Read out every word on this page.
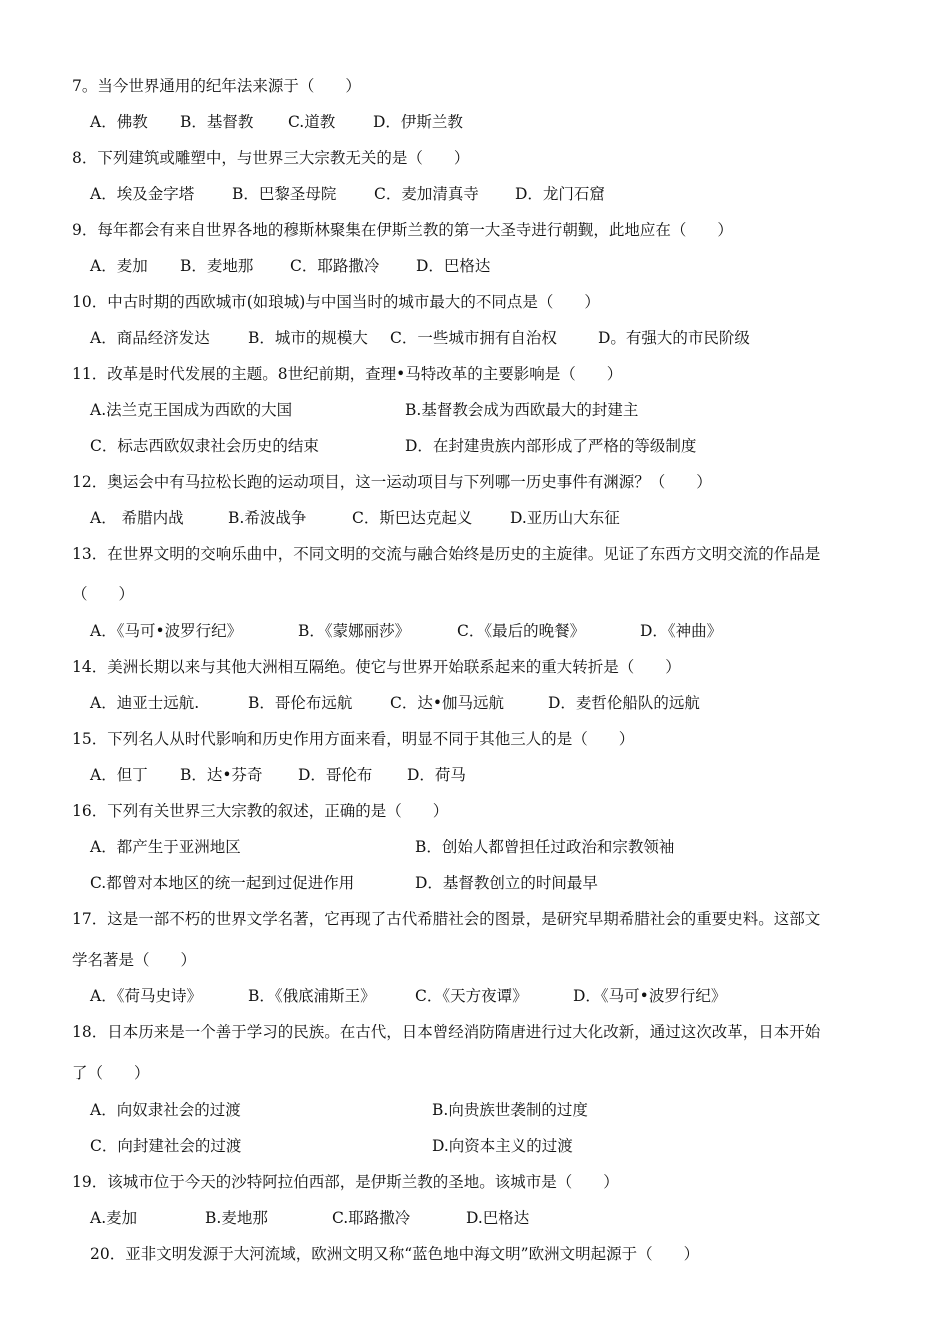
7。当今世界通用的纪年法来源于（　　）
A．佛教 B．基督教 C.道教 D．伊斯兰教
8．下列建筑或雕塑中，与世界三大宗教无关的是（　　）
A．埃及金字塔 B．巴黎圣母院 C．麦加清真寺 D．龙门石窟
9．每年都会有来自世界各地的穆斯林聚集在伊斯兰教的第一大圣寺进行朝觐，此地应在（　　）
A．麦加 B．麦地那 C．耶路撒冷 D．巴格达
10．中古时期的西欧城市(如琅城)与中国当时的城市最大的不同点是（　　）
A．商品经济发达 B．城市的规模大 C．一些城市拥有自治权	D。有强大的市民阶级
11．改革是时代发展的主题。8世纪前期，查理•马特改革的主要影响是（　　）
A.法兰克王国成为西欧的大国	B.基督教会成为西欧最大的封建主
C．标志西欧奴隶社会历史的结束	D．在封建贵族内部形成了严格的等级制度
12．奥运会中有马拉松长跑的运动项目，这一运动项目与下列哪一历史事件有渊源？（　　）
A． 希腊内战	B.希波战争	C．斯巴达克起义 D.亚历山大东征
13．在世界文明的交响乐曲中，不同文明的交流与融合始终是历史的主旋律。见证了东西方文明交流的作品是
（　　）
A．《马可•波罗行纪》	B．《蒙娜丽莎》	C．《最后的晚餐》	D．《神曲》
14．美洲长期以来与其他大洲相互隔绝。使它与世界开始联系起来的重大转折是（　　）
A．迪亚士远航.	B．哥伦布远航 C．达•伽马远航	D．麦哲伦船队的远航
15．下列名人从时代影响和历史作用方面来看，明显不同于其他三人的是（　　）
A．但丁 B．达•芬奇 D．哥伦布 D．荷马
16．下列有关世界三大宗教的叙述，正确的是（　　）
A．都产生于亚洲地区	B．创始人都曾担任过政治和宗教领袖
C.都曾对本地区的统一起到过促进作用	D．基督教创立的时间最早
17．这是一部不朽的世界文学名著，它再现了古代希腊社会的图景，是研究早期希腊社会的重要史料。这部文
学名著是（　　）
A．《荷马史诗》	B．《俄底浦斯王》	C．《天方夜谭》	D．《马可•波罗行纪》
18．日本历来是一个善于学习的民族。在古代，日本曾经消防隋唐进行过大化改新，通过这次改革，日本开始
了（　　）
A．向奴隶社会的过渡	B.向贵族世袭制的过度
C．向封建社会的过渡	D.向资本主义的过渡
19．该城市位于今天的沙特阿拉伯西部，是伊斯兰教的圣地。该城市是（　　）
A.麦加	B.麦地那	C.耶路撒冷	D.巴格达
20．亚非文明发源于大河流域，欧洲文明又称“蓝色地中海文明”欧洲文明起源于（　　）
